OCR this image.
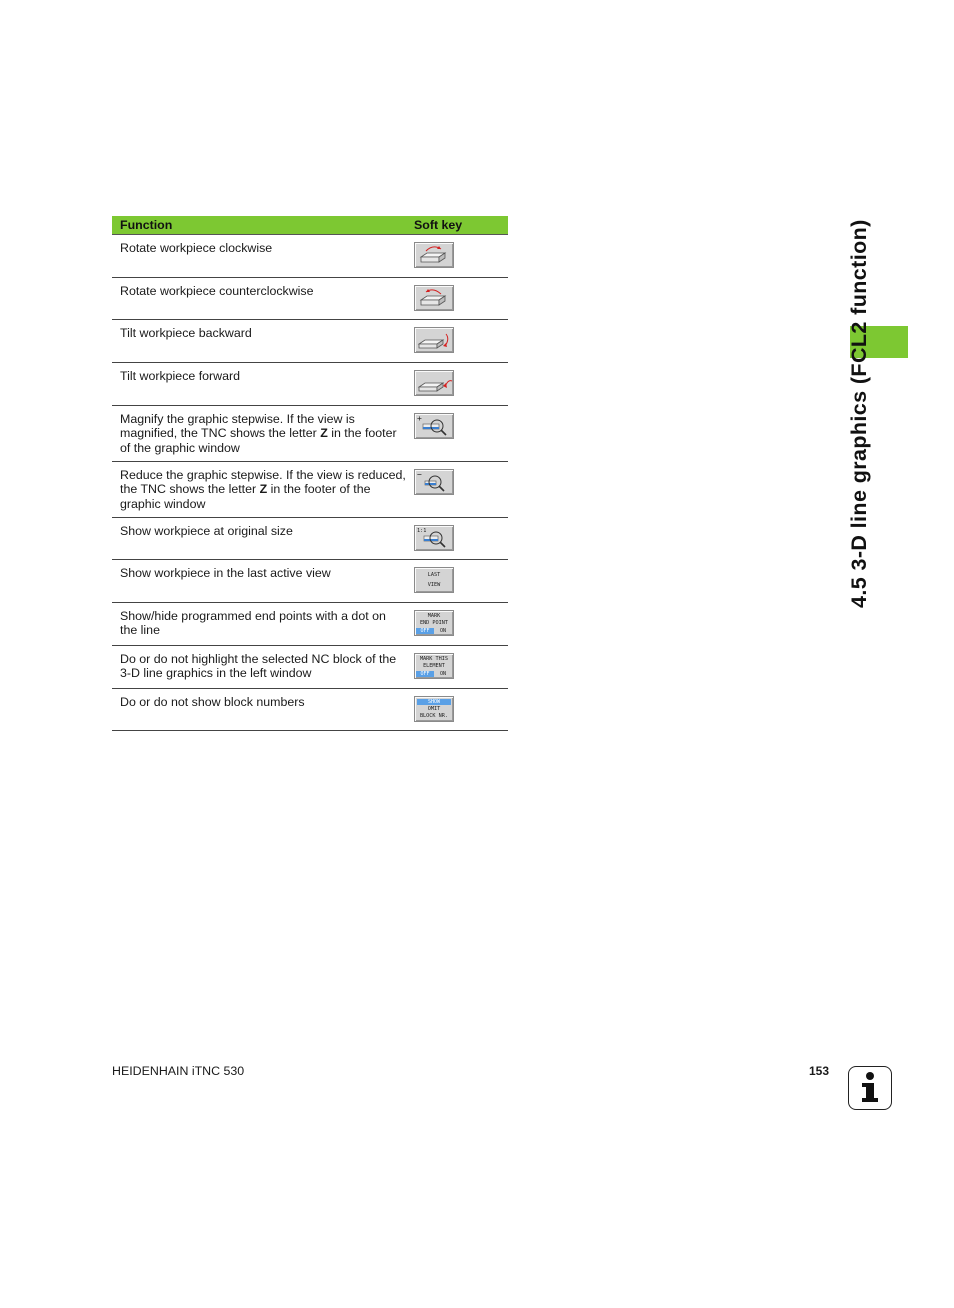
Function	Soft key
Rotate workpiece clockwise	

Rotate workpiece counterclockwise	

Tilt workpiece backward	

Tilt workpiece forward	

Magnify the graphic stepwise. If the view is magnified, the TNC shows the letter Z in the footer of the graphic window	+

Reduce the graphic stepwise. If the view is reduced, the TNC shows the letter Z in the footer of the graphic window	−

Show workpiece at original size	1:1

Show workpiece in the last active view	LAST
VIEW

Show/hide programmed end points with a dot on the line	MARK
END POINT
OFF ON

Do or do not highlight the selected NC block of the 3-D line graphics in the left window	MARK THIS
ELEMENT
OFF ON

Do or do not show block numbers	SHOW
OMIT
BLOCK NR.
4.5 3-D line graphics (FCL2 function)
HEIDENHAIN iTNC 530	153
